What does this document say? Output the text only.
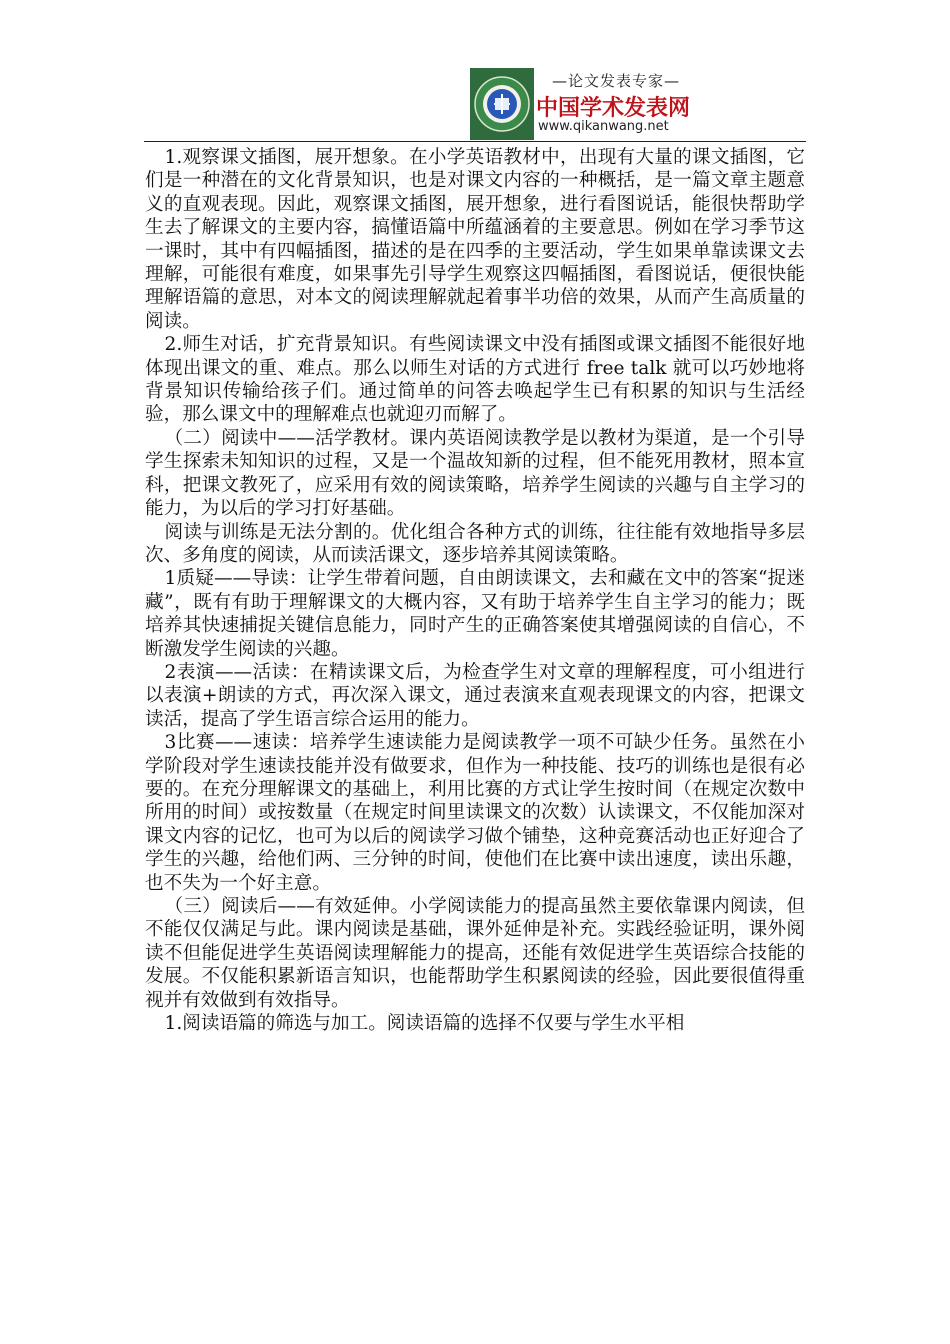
—论文发表专家—
中国学术发表网
www.qikanwang.net

1.观察课文插图，展开想象。在小学英语教材中，出现有大量的课文插图，它们是一种潜在的文化背景知识，也是对课文内容的一种概括，是一篇文章主题意义的直观表现。因此，观察课文插图，展开想象，进行看图说话，能很快帮助学生去了解课文的主要内容，搞懂语篇中所蕴涵着的主要意思。例如在学习季节这一课时，其中有四幅插图，描述的是在四季的主要活动，学生如果单靠读课文去理解，可能很有难度，如果事先引导学生观察这四幅插图，看图说话，便很快能理解语篇的意思，对本文的阅读理解就起着事半功倍的效果，从而产生高质量的阅读。

2.师生对话，扩充背景知识。有些阅读课文中没有插图或课文插图不能很好地体现出课文的重、难点。那么以师生对话的方式进行 free talk 就可以巧妙地将背景知识传输给孩子们。通过简单的问答去唤起学生已有积累的知识与生活经验，那么课文中的理解难点也就迎刃而解了。

（二）阅读中——活学教材。课内英语阅读教学是以教材为渠道，是一个引导学生探索未知知识的过程，又是一个温故知新的过程，但不能死用教材，照本宣科，把课文教死了，应采用有效的阅读策略，培养学生阅读的兴趣与自主学习的能力，为以后的学习打好基础。

阅读与训练是无法分割的。优化组合各种方式的训练，往往能有效地指导多层次、多角度的阅读，从而读活课文，逐步培养其阅读策略。

1质疑——导读：让学生带着问题，自由朗读课文，去和藏在文中的答案“捉迷藏”，既有有助于理解课文的大概内容，又有助于培养学生自主学习的能力；既培养其快速捕捉关键信息能力，同时产生的正确答案使其增强阅读的自信心，不断激发学生阅读的兴趣。

2表演——活读：在精读课文后，为检查学生对文章的理解程度，可小组进行以表演+朗读的方式，再次深入课文，通过表演来直观表现课文的内容，把课文读活，提高了学生语言综合运用的能力。

3比赛——速读：培养学生速读能力是阅读教学一项不可缺少任务。虽然在小学阶段对学生速读技能并没有做要求，但作为一种技能、技巧的训练也是很有必要的。在充分理解课文的基础上，利用比赛的方式让学生按时间（在规定次数中所用的时间）或按数量（在规定时间里读课文的次数）认读课文，不仅能加深对课文内容的记忆，也可为以后的阅读学习做个铺垫，这种竞赛活动也正好迎合了学生的兴趣，给他们两、三分钟的时间，使他们在比赛中读出速度，读出乐趣，也不失为一个好主意。

（三）阅读后——有效延伸。小学阅读能力的提高虽然主要依靠课内阅读，但不能仅仅满足与此。课内阅读是基础，课外延伸是补充。实践经验证明，课外阅读不但能促进学生英语阅读理解能力的提高，还能有效促进学生英语综合技能的发展。不仅能积累新语言知识，也能帮助学生积累阅读的经验，因此要很值得重视并有效做到有效指导。

1.阅读语篇的筛选与加工。阅读语篇的选择不仅要与学生水平相
